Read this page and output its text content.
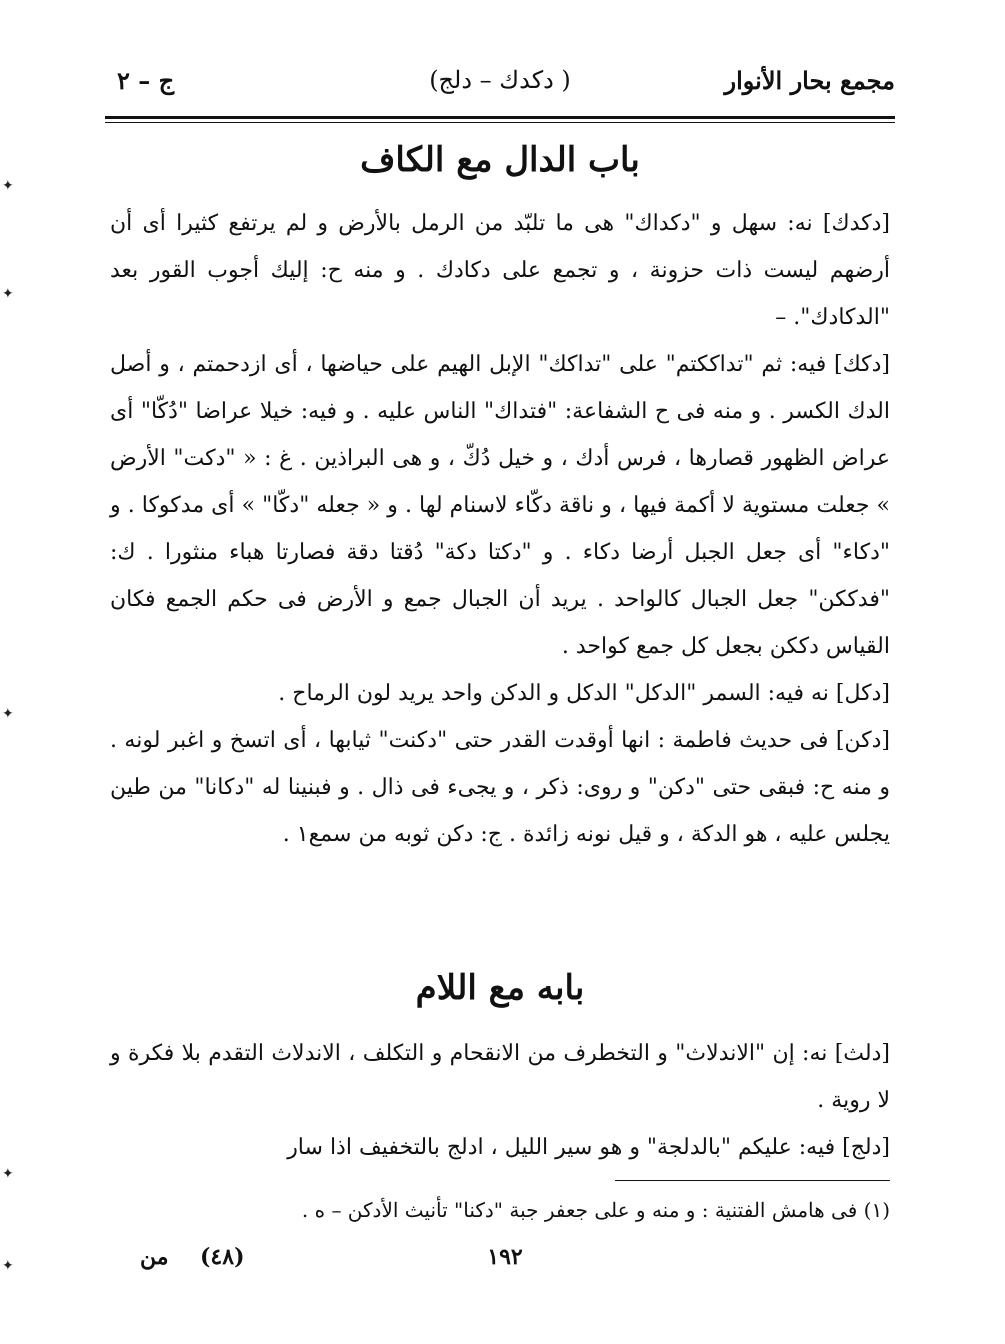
مجمع بحار الأنوار
( دكدك – دلج)
ج – ٢
باب الدال مع الكاف

[دكدك] نه: سهل و "دكداك" هى ما تلبّد من الرمل بالأرض و لم يرتفع كثيرا أى أن أرضهم ليست ذات حزونة ، و تجمع على دكادك . و منه ح: إليك أجوب القور بعد "الدكادك". –

[دكك] فيه: ثم "تداككتم" على "تداكك" الإبل الهيم على حياضها ، أى ازدحمتم ، و أصل الدك الكسر . و منه فى ح الشفاعة: "فتداك" الناس عليه . و فيه: خيلا عراضا "دُكّا" أى عراض الظهور قصارها ، فرس أدك ، و خيل دُكّ ، و هى البراذين . غ : « "دكت" الأرض » جعلت مستوية لا أكمة فيها ، و ناقة دكّاء لاسنام لها . و « جعله "دكّا" » أى مدكوكا . و "دكاء" أى جعل الجبل أرضا دكاء . و "دكتا دكة" دُقتا دقة فصارتا هباء منثورا . ك: "فدككن" جعل الجبال كالواحد . يريد أن الجبال جمع و الأرض فى حكم الجمع فكان القياس دككن بجعل كل جمع كواحد .

[دكل] نه فيه: السمر "الدكل" الدكل و الدكن واحد يريد لون الرماح .

[دكن] فى حديث فاطمة : انها أوقدت القدر حتى "دكنت" ثيابها ، أى اتسخ و اغبر لونه . و منه ح: فبقى حتى "دكن" و روى: ذكر ، و يجىء فى ذال . و فبنينا له "دكانا" من طين يجلس عليه ، هو الدكة ، و قيل نونه زائدة . ج: دكن ثوبه من سمع١ .

بابه مع اللام

[دلث] نه: إن "الاندلاث" و التخطرف من الانقحام و التكلف ، الاندلاث التقدم بلا فكرة و لا روية .

[دلج] فيه: عليكم "بالدلجة" و هو سير الليل ، ادلج بالتخفيف اذا سار

(١) فى هامش الفتنية : و منه و على جعفر جبة "دكنا" تأنيث الأدكن – ه .
١٩٢
(٤٨)
من
✦
✦
✦
✦
✦
